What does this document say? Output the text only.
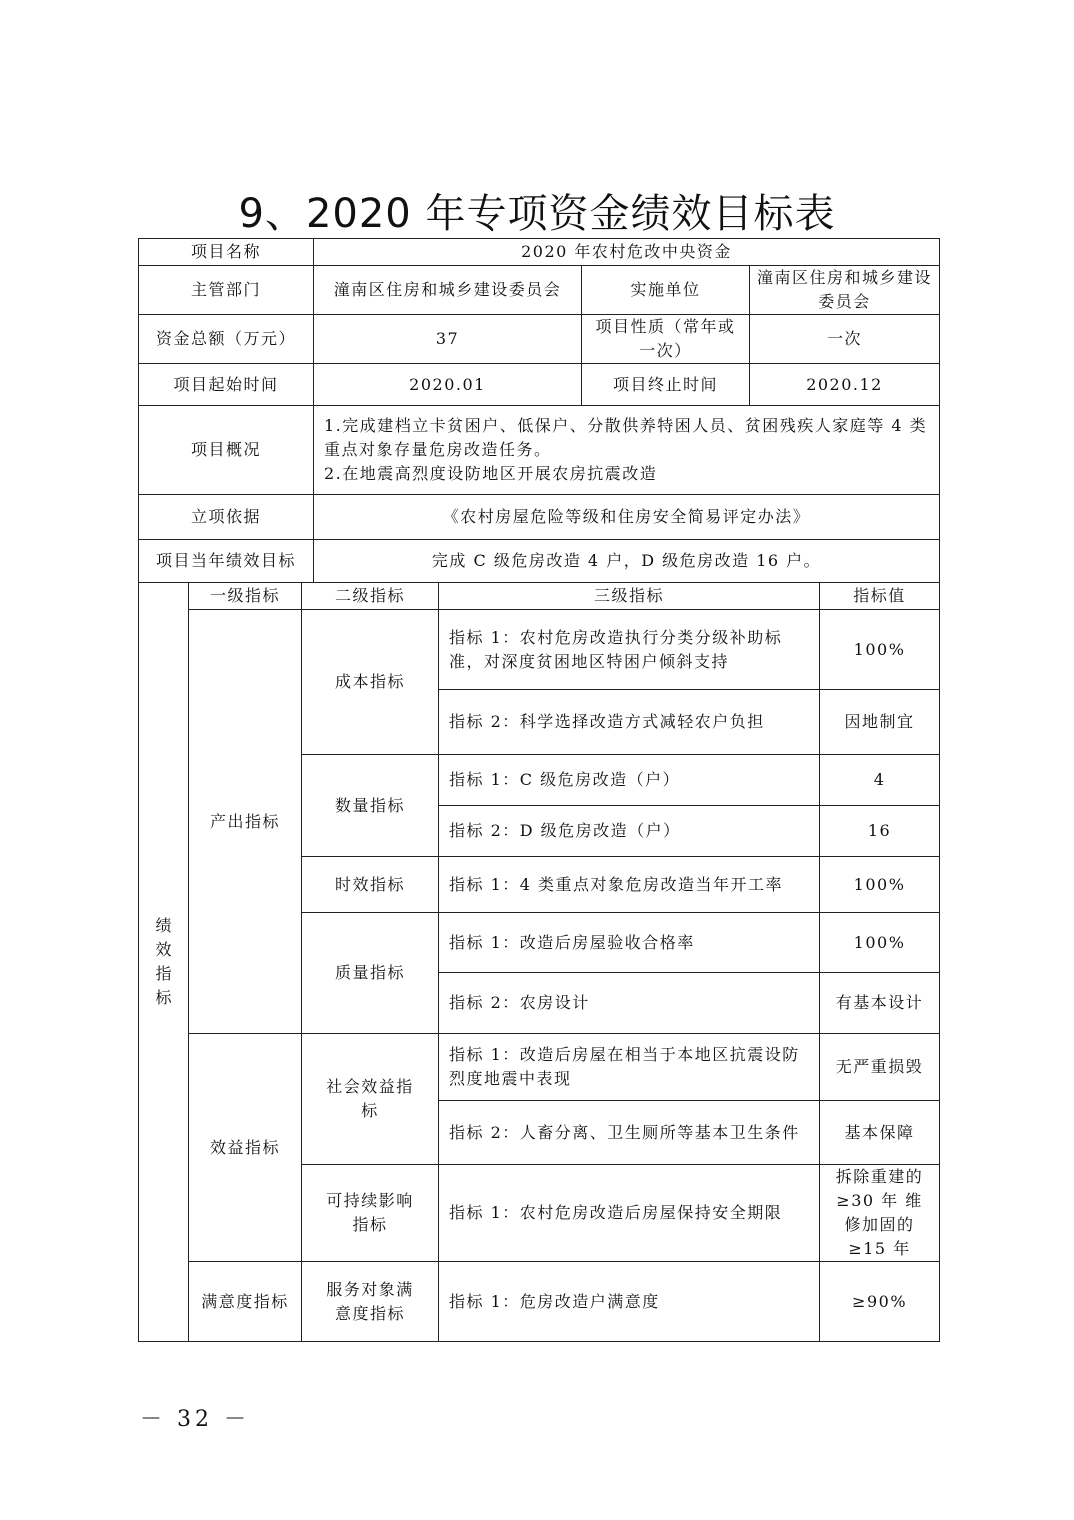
9、2020 年专项资金绩效目标表
项目名称			2020 年农村危改中央资金				
主管部门			潼南区住房和城乡建设委员会		实施单位	潼南区住房和城乡建设委员会	
资金总额（万元）			37		项目性质（常年或一次）	一次	
项目起始时间			2020.01		项目终止时间	2020.12	
项目概况			1.完成建档立卡贫困户、低保户、分散供养特困人员、贫困残疾人家庭等 4 类重点对象存量危房改造任务。
2.在地震高烈度设防地区开展农房抗震改造				

立项依据			《农村房屋危险等级和住房安全简易评定办法》				
项目当年绩效目标			完成 C 级危房改造 4 户，D 级危房改造 16 户。				

绩效指标	一级指标	二级指标		三级指标			指标值
	产出指标	成本指标		指标 1：农村危房改造执行分类分级补助标准，对深度贫困地区特困户倾斜支持			100%
				指标 2：科学选择改造方式减轻农户负担			因地制宜
		数量指标		指标 1：C 级危房改造（户）			4
				指标 2：D 级危房改造（户）			16
		时效指标		指标 1：4 类重点对象危房改造当年开工率			100%
		质量指标		指标 1：改造后房屋验收合格率			100%
				指标 2：农房设计			有基本设计
	效益指标	社会效益指标		指标 1：改造后房屋在相当于本地区抗震设防烈度地震中表现			无严重损毁
				指标 2：人畜分离、卫生厕所等基本卫生条件			基本保障

		可持续影响指标		指标 1：农村危房改造后房屋保持安全期限			拆除重建的≥30 年 维修加固的≥15 年

	满意度指标	服务对象满意度指标		指标 1：危房改造户满意度			≥90%
－ 32 －
